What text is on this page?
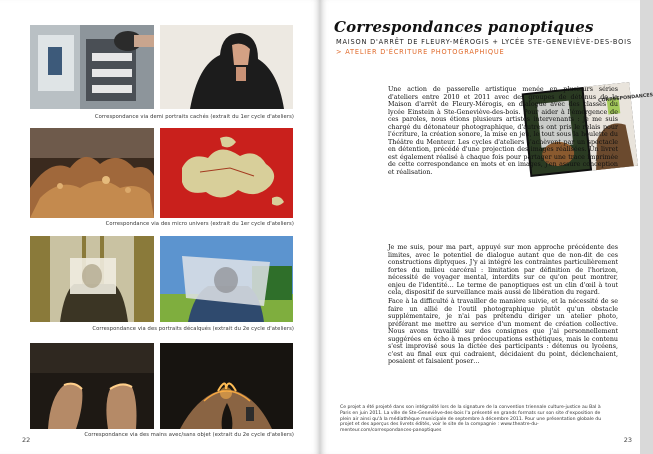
Correspondance via demi portraits cachés (extrait du 1er cycle d'ateliers)
Correspondance via des micro univers (extrait du 1er cycle d'ateliers)
Correspondance via des portraits décalqués (extrait du 2e cycle d'ateliers)
Correspondance via des mains avec/sans objet (extrait du 2e cycle d'ateliers)
22
Correspondances panoptiques
MAISON D'ARRÊT DE FLEURY-MÉROGIS + LYCÉE STE-GENEVIÈVE-DES-BOIS
> ATELIER D'ÉCRITURE PHOTOGRAPHIQUE
CORRESPONDANCES

Une action de passerelle artistique menée en plusieurs séries d'ateliers entre 2010 et 2011 avec des groupes de détenus de la Maison d'arrêt de Fleury-Mérogis, en dialogue avec des classes du lycée Einstein à Ste-Geneviève-des-bois. Pour aider à l'émergence de ces paroles, nous étions plusieurs artistes intervenants : je me suis chargé du détonateur photographique, d'autres ont pris le relais pour l'écriture, la création sonore, la mise en jeu, le tout sous la houlette du Théâtre du Menteur. Les cycles d'ateliers s'achèvent par un spectacle en détention, précédé d'une projection des images réalisées. Un livret est également réalisé à chaque fois pour partager une trace imprimée de cette correspondance en mots et en images, j'en assure conception et réalisation.

Je me suis, pour ma part, appuyé sur mon approche précédente des limites, avec le potentiel de dialogue autant que de non-dit de ces constructions diptyques. J'y ai intégré les contraintes particulièrement fortes du milieu carcéral : limitation par définition de l'horizon, nécessité de voyager mental, interdits sur ce qu'on peut montrer, enjeu de l'identité… Le terme de panoptiques est un clin d'œil à tout cela, dispositif de surveillance mais aussi de libération du regard.

Face à la difficulté à travailler de manière suivie, et la nécessité de se faire un allié de l'outil photographique plutôt qu'un obstacle supplémentaire, je n'ai pas prétendu diriger un atelier photo, préférant me mettre au service d'un moment de création collective. Nous avons travaillé sur des consignes que j'ai personnellement suggérées en écho à mes préoccupations esthétiques, mais le contenu s'est improvisé sous la dictée des participants : détenus ou lycéens, c'est au final eux qui cadraient, décidaient du point, déclenchaient, posaient et faisaient poser…

Ce projet a été projeté dans son intégralité lors de la signature de la convention triennale culture-justice au Bal à Paris en juin 2011. La ville de Ste-Geneviève-des-bois l'a présenté en grands formats sur son site d'exposition de plein air ainsi qu'à la médiathèque municipale de septembre à décembre 2011. Pour une présentation globale du projet et des aperçus des livrets édités, voir le site de la compagnie : www.theatre-du-menteur.com/correspondances-panoptiques

23
